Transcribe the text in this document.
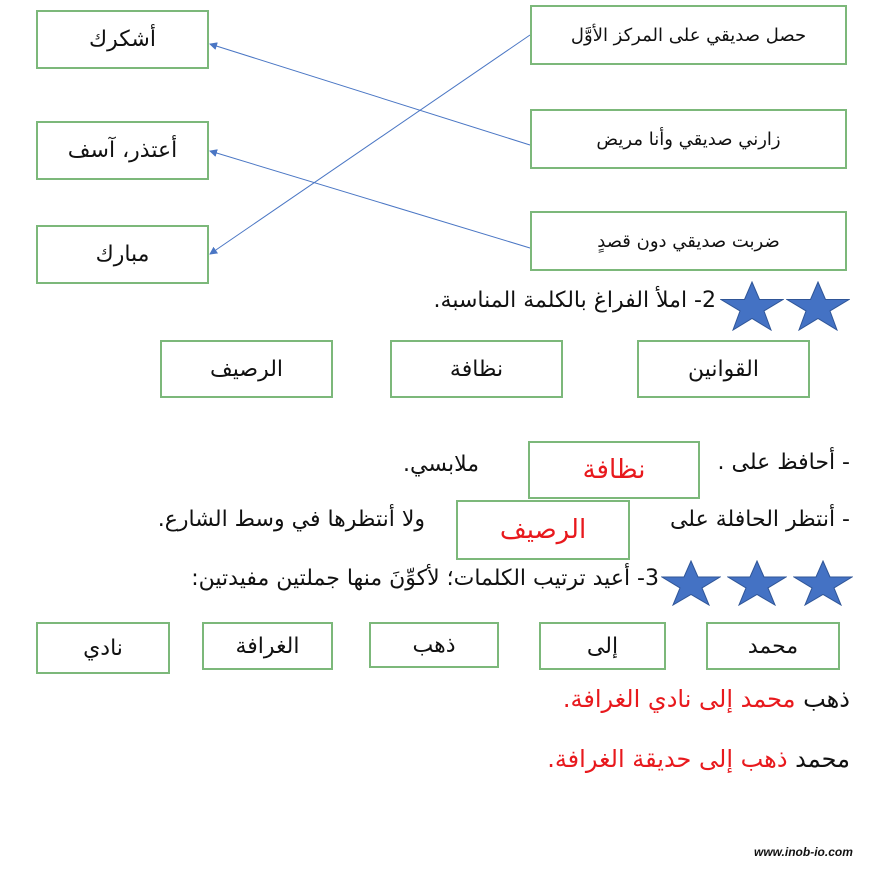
أشكرك
أعتذر، آسف
مبارك
حصل صديقي على المركز الأوَّل
زارني صديقي وأنا مريض
ضربت صديقي دون قصدٍ
2- املأ الفراغ بالكلمة المناسبة.
القوانين
نظافة
الرصيف
- أحافظ على .
ملابسي.	نظافة
- أنتظر الحافلة على
الرصيف
ولا أنتظرها في وسط الشارع.
3- أعيد ترتيب الكلمات؛ لأكوِّنَ منها جملتين مفيدتين:
محمد
إلى
ذهب
الغرافة
نادي
ذهب محمد إلى نادي الغرافة.
محمد ذهب إلى حديقة الغرافة.
www.inob-io.com
